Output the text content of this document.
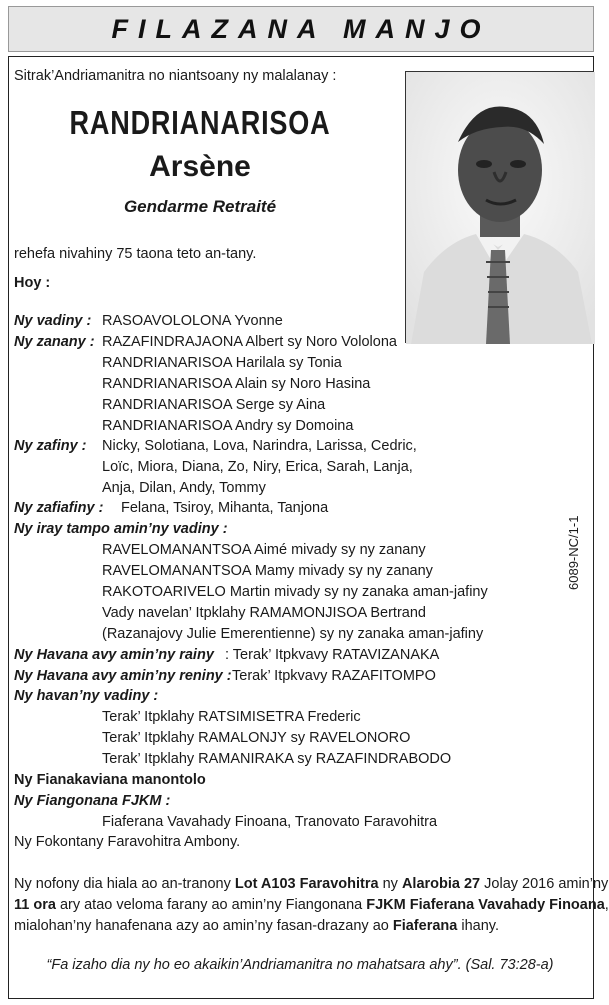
FILAZANA MANJO
Sitrak’Andriamanitra no niantsoany ny malalanay :
RANDRIANARISOA
Arsène
Gendarme Retraité
rehefa nivahiny 75 taona teto an-tany.
Hoy :
Ny vadiny : RASOAVOLOLONA Yvonne
Ny zanany : RAZAFINDRAJAONA Albert sy Noro Vololona
RANDRIANARISOA Harilala sy Tonia
RANDRIANARISOA Alain sy Noro Hasina
RANDRIANARISOA Serge sy Aina
RANDRIANARISOA Andry sy Domoina
Ny zafiny : Nicky, Solotiana, Lova, Narindra, Larissa, Cedric,
Loïc, Miora, Diana, Zo, Niry, Erica, Sarah, Lanja,
Anja, Dilan, Andy, Tommy
Ny zafiafiny : Felana, Tsiroy, Mihanta, Tanjona
Ny iray tampo amin’ny vadiny :
RAVELOMANANTSOA Aimé mivady sy ny zanany
RAVELOMANANTSOA Mamy mivady sy ny zanany
RAKOTOARIVELO Martin mivady sy ny zanaka aman-jafiny
Vady navelan’ Itpklahy RAMAMONJISOA Bertrand
(Razanajovy Julie Emerentienne) sy ny zanaka aman-jafiny
Ny Havana avy amin’ny rainy : Terak’ Itpkvavy RATAVIZANAKA
Ny Havana avy amin’ny reniny : Terak’ Itpkvavy RAZAFITOMPO
Ny havan’ny vadiny :
Terak’ Itpklahy RATSIMISETRA Frederic
Terak’ Itpklahy RAMALONJY sy RAVELONORO
Terak’ Itpklahy RAMANIRAKA sy RAZAFINDRABODO
Ny Fianakaviana manontolo
Ny Fiangonana FJKM :
Fiaferana Vavahady Finoana, Tranovato Faravohitra
Ny Fokontany Faravohitra Ambony.
Ny nofony dia hiala ao an-tranony Lot A103 Faravohitra ny Alarobia 27 Jolay 2016 amin’ny
11 ora ary atao veloma farany ao amin’ny Fiangonana FJKM Fiaferana Vavahady Finoana,
mialohan’ny hanafenana azy ao amin’ny fasan-drazany ao Fiaferana ihany.
“Fa izaho dia ny ho eo akaikin’Andriamanitra no mahatsara ahy”. (Sal. 73:28-a)
6089-NC/1-1
